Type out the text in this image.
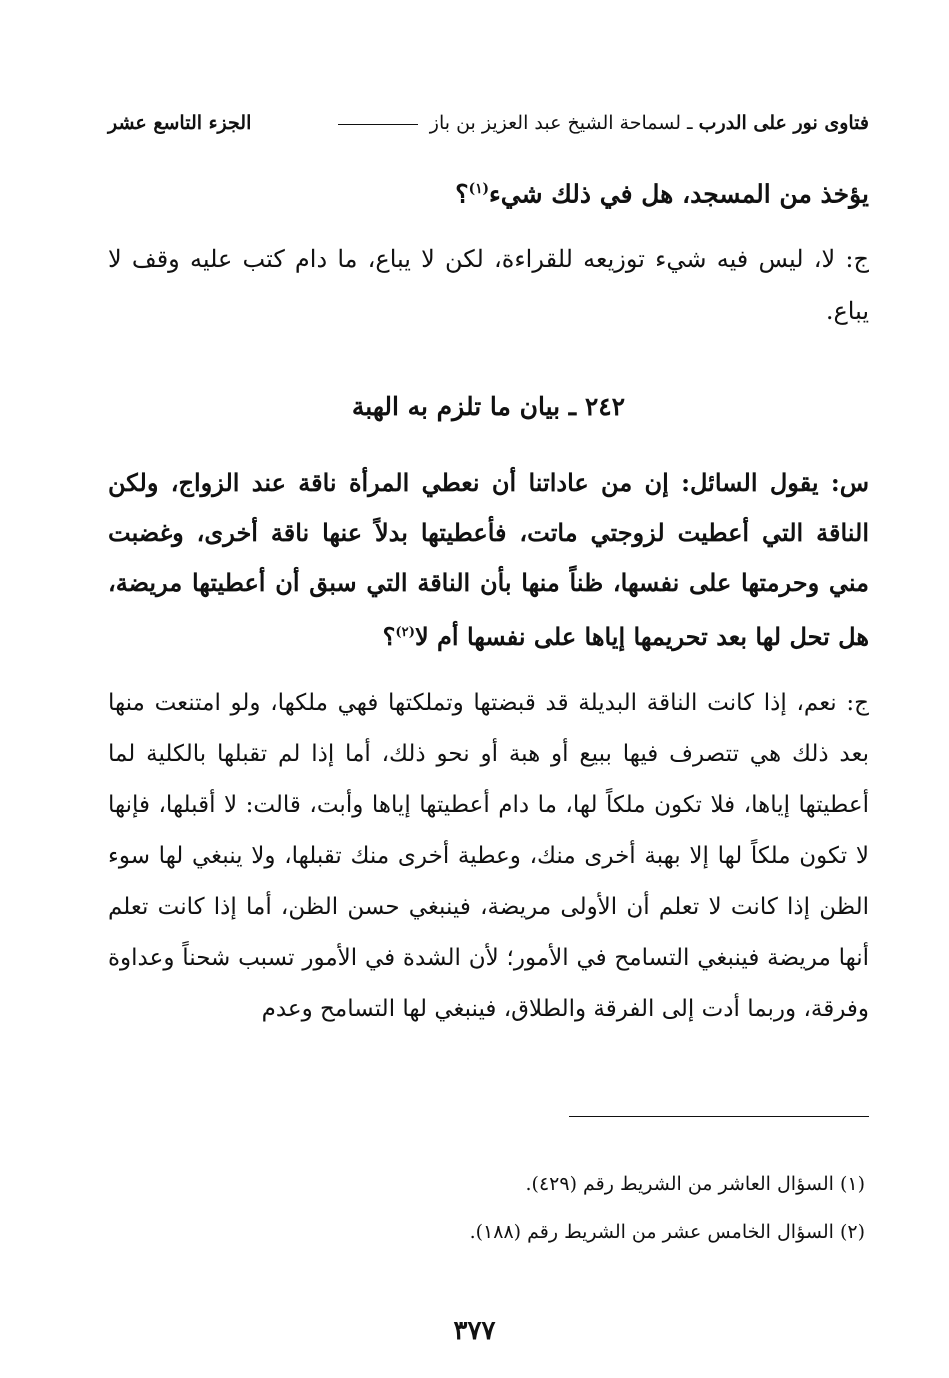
فتاوى نور على الدرب ـ لسماحة الشيخ عبد العزيز بن باز
الجزء التاسع عشر
يؤخذ من المسجد، هل في ذلك شيء$^{(١)}$؟
ج: لا، ليس فيه شيء توزيعه للقراءة، لكن لا يباع، ما دام كتب عليه وقف لا يباع.
٢٤٢ ـ بيان ما تلزم به الهبة
س: يقول السائل: إن من عاداتنا أن نعطي المرأة ناقة عند الزواج، ولكن الناقة التي أعطيت لزوجتي ماتت، فأعطيتها بدلاً عنها ناقة أخرى، وغضبت مني وحرمتها على نفسها، ظناً منها بأن الناقة التي سبق أن أعطيتها مريضة، هل تحل لها بعد تحريمها إياها على نفسها أم لا$^{(٢)}$؟
ج: نعم، إذا كانت الناقة البديلة قد قبضتها وتملكتها فهي ملكها، ولو امتنعت منها بعد ذلك هي تتصرف فيها ببيع أو هبة أو نحو ذلك، أما إذا لم تقبلها بالكلية لما أعطيتها إياها، فلا تكون ملكاً لها، ما دام أعطيتها إياها وأبت، قالت: لا أقبلها، فإنها لا تكون ملكاً لها إلا بهبة أخرى منك، وعطية أخرى منك تقبلها، ولا ينبغي لها سوء الظن إذا كانت لا تعلم أن الأولى مريضة، فينبغي حسن الظن، أما إذا كانت تعلم أنها مريضة فينبغي التسامح في الأمور؛ لأن الشدة في الأمور تسبب شحناً وعداوة وفرقة، وربما أدت إلى الفرقة والطلاق، فينبغي لها التسامح وعدم
(١) السؤال العاشر من الشريط رقم (٤٢٩).
(٢) السؤال الخامس عشر من الشريط رقم (١٨٨).
٣٧٧
